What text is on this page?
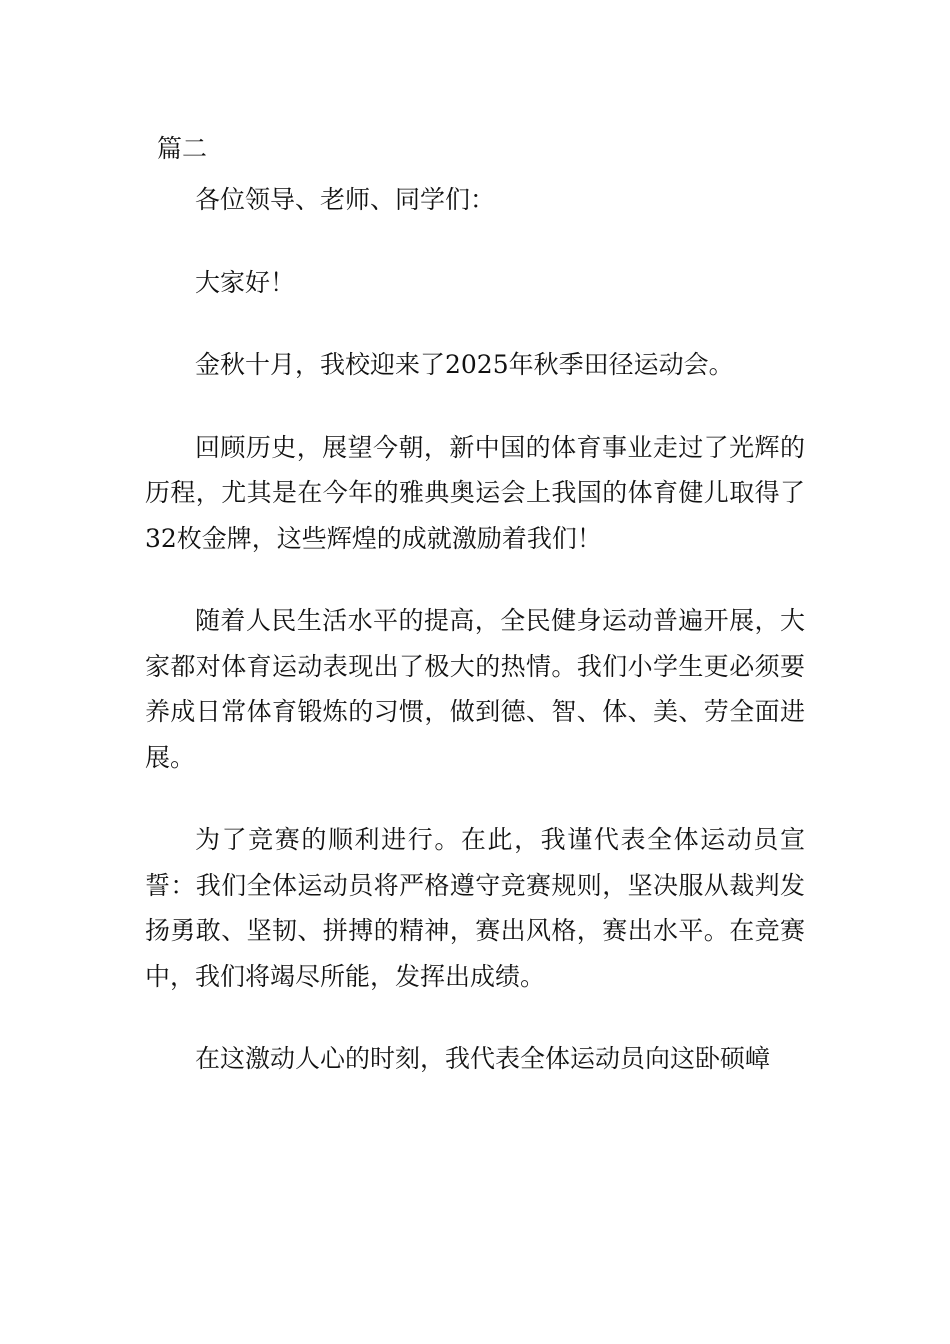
篇二

各位领导、老师、同学们：

大家好！

金秋十月，我校迎来了2025年秋季田径运动会。

回顾历史，展望今朝，新中国的体育事业走过了光辉的历程，尤其是在今年的雅典奥运会上我国的体育健儿取得了32枚金牌，这些辉煌的成就激励着我们！

随着人民生活水平的提高，全民健身运动普遍开展，大家都对体育运动表现出了极大的热情。我们小学生更必须要养成日常体育锻炼的习惯，做到德、智、体、美、劳全面进展。

为了竞赛的顺利进行。在此，我谨代表全体运动员宣誓：我们全体运动员将严格遵守竞赛规则，坚决服从裁判发扬勇敢、坚韧、拼搏的精神，赛出风格，赛出水平。在竞赛中，我们将竭尽所能，发挥出成绩。

在这激动人心的时刻，我代表全体运动员向这卧硕嶂
